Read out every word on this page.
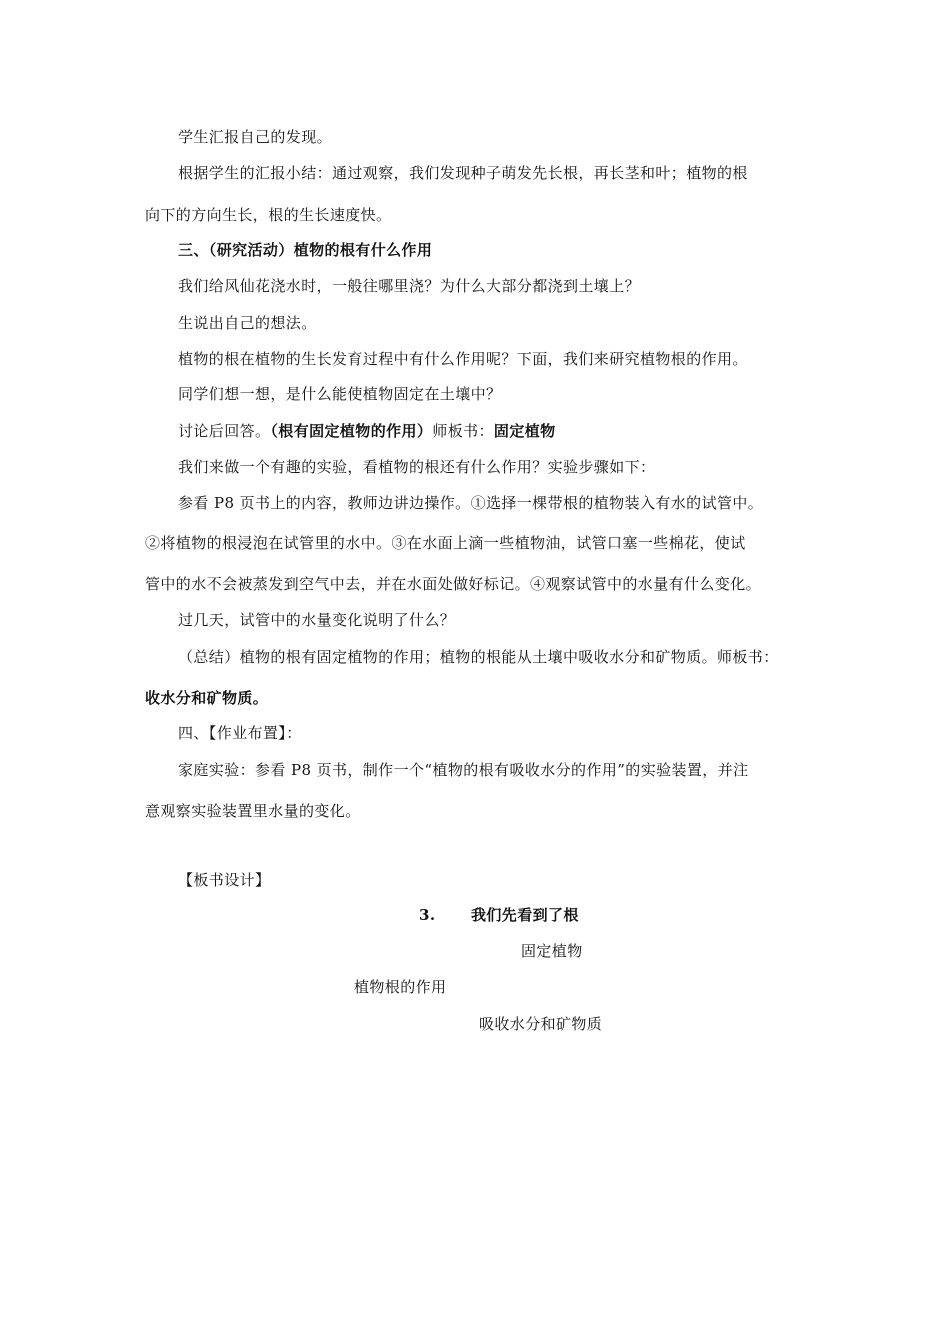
学生汇报自己的发现。
根据学生的汇报小结：通过观察，我们发现种子萌发先长根，再长茎和叶；植物的根
向下的方向生长，根的生长速度快。
三、（研究活动）植物的根有什么作用
我们给风仙花浇水时，一般往哪里浇？为什么大部分都浇到土壤上？
生说出自己的想法。
植物的根在植物的生长发育过程中有什么作用呢？下面，我们来研究植物根的作用。
同学们想一想，是什么能使植物固定在土壤中？
讨论后回答。（根有固定植物的作用）师板书：固定植物
我们来做一个有趣的实验，看植物的根还有什么作用？实验步骤如下：
参看 P8 页书上的内容，教师边讲边操作。①选择一棵带根的植物装入有水的试管中。
②将植物的根浸泡在试管里的水中。③在水面上滴一些植物油，试管口塞一些棉花，使试
管中的水不会被蒸发到空气中去，并在水面处做好标记。④观察试管中的水量有什么变化。
过几天，试管中的水量变化说明了什么？
（总结）植物的根有固定植物的作用；植物的根能从土壤中吸收水分和矿物质。师板书：
收水分和矿物质。
四、【作业布置】：
家庭实验：参看 P8 页书，制作一个“植物的根有吸收水分的作用”的实验装置，并注
意观察实验装置里水量的变化。
【板书设计】
3. 我们先看到了根
固定植物
植物根的作用
吸收水分和矿物质
